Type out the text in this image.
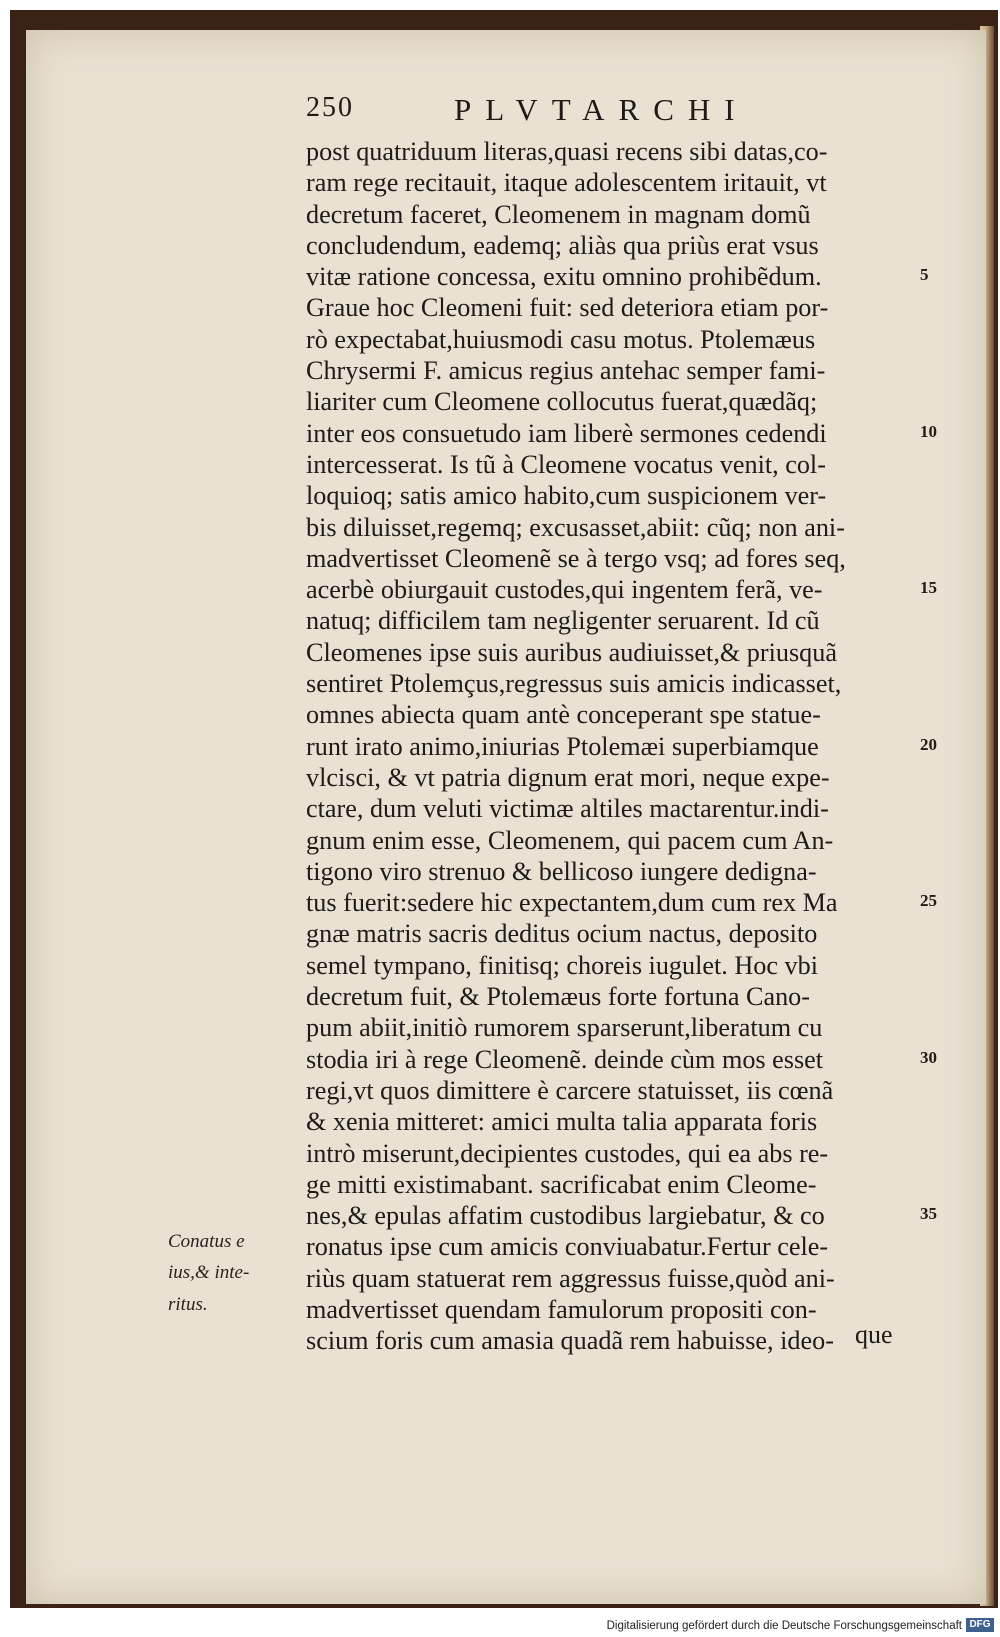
250	PLVTARCHI
post quatriduum literas,quasi recens sibi datas,co-
ram rege recitauit, itaque adolescentem iritauit, vt
decretum faceret, Cleomenem in magnam domũ
concludendum, eademq; aliàs qua priùs erat vsus
vitæ ratione concessa, exitu omnino prohibẽdum.
Graue hoc Cleomeni fuit: sed deteriora etiam por-
rò expectabat,huiusmodi casu motus. Ptolemæus
Chrysermi F. amicus regius antehac semper fami-
liariter cum Cleomene collocutus fuerat,quædãq;
inter eos consuetudo iam liberè sermones cedendi
intercesserat. Is tũ à Cleomene vocatus venit, col-
loquioq; satis amico habito,cum suspicionem ver-
bis diluisset,regemq; excusasset,abiit: cũq; non ani-
madvertisset Cleomenẽ se à tergo vsq; ad fores seq,
acerbè obiurgauit custodes,qui ingentem ferã, ve-
natuq; difficilem tam negligenter seruarent. Id cũ
Cleomenes ipse suis auribus audiuisset,& priusquã
sentiret Ptolemçus,regressus suis amicis indicasset,
omnes abiecta quam antè conceperant spe statue-
runt irato animo,iniurias Ptolemæi superbiamque
vlcisci, & vt patria dignum erat mori, neque expe-
ctare, dum veluti victimæ altiles mactarentur.indi-
gnum enim esse, Cleomenem, qui pacem cum An-
tigono viro strenuo & bellicoso iungere dedigna-
tus fuerit:sedere hic expectantem,dum cum rex Ma
gnæ matris sacris deditus ocium nactus, deposito
semel tympano, finitisq; choreis iugulet. Hoc vbi
decretum fuit, & Ptolemæus forte fortuna Cano-
pum abiit,initiò rumorem sparserunt,liberatum cu
stodia iri à rege Cleomenẽ. deinde cùm mos esset
regi,vt quos dimittere è carcere statuisset, iis cœnã
& xenia mitteret: amici multa talia apparata foris
intrò miserunt,decipientes custodes, qui ea abs re-
ge mitti existimabant. sacrificabat enim Cleome-
nes,& epulas affatim custodibus largiebatur, & co
ronatus ipse cum amicis conviuabatur.Fertur cele-
riùs quam statuerat rem aggressus fuisse,quòd ani-
madvertisset quendam famulorum propositi con-
scium foris cum amasia quadã rem habuisse, ideo-
5
10
15
20
25
30
35
Conatus e
ius,& inte-
ritus.
que
Digitalisierung gefördert durch die Deutsche Forschungsgemeinschaft DFG
